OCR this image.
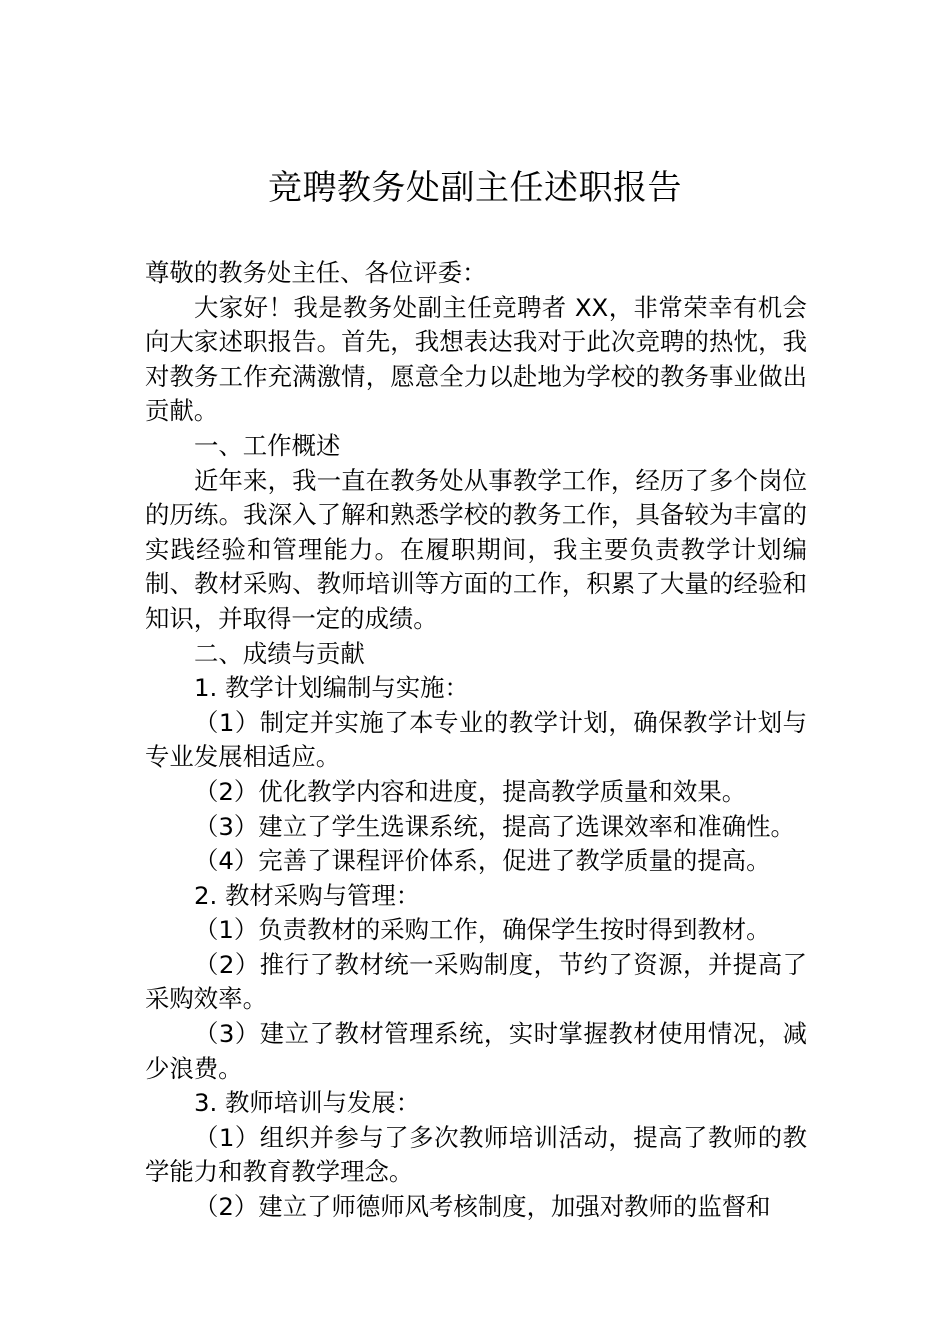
竞聘教务处副主任述职报告

尊敬的教务处主任、各位评委：

大家好！我是教务处副主任竞聘者 XX，非常荣幸有机会向大家述职报告。首先，我想表达我对于此次竞聘的热忱，我对教务工作充满激情，愿意全力以赴地为学校的教务事业做出贡献。

一、工作概述

近年来，我一直在教务处从事教学工作，经历了多个岗位的历练。我深入了解和熟悉学校的教务工作，具备较为丰富的实践经验和管理能力。在履职期间，我主要负责教学计划编制、教材采购、教师培训等方面的工作，积累了大量的经验和知识，并取得一定的成绩。

二、成绩与贡献

1. 教学计划编制与实施：

（1）制定并实施了本专业的教学计划，确保教学计划与专业发展相适应。

（2）优化教学内容和进度，提高教学质量和效果。

（3）建立了学生选课系统，提高了选课效率和准确性。

（4）完善了课程评价体系，促进了教学质量的提高。

2. 教材采购与管理：

（1）负责教材的采购工作，确保学生按时得到教材。

（2）推行了教材统一采购制度，节约了资源，并提高了采购效率。

（3）建立了教材管理系统，实时掌握教材使用情况，减少浪费。

3. 教师培训与发展：

（1）组织并参与了多次教师培训活动，提高了教师的教学能力和教育教学理念。

（2）建立了师德师风考核制度，加强对教师的监督和
